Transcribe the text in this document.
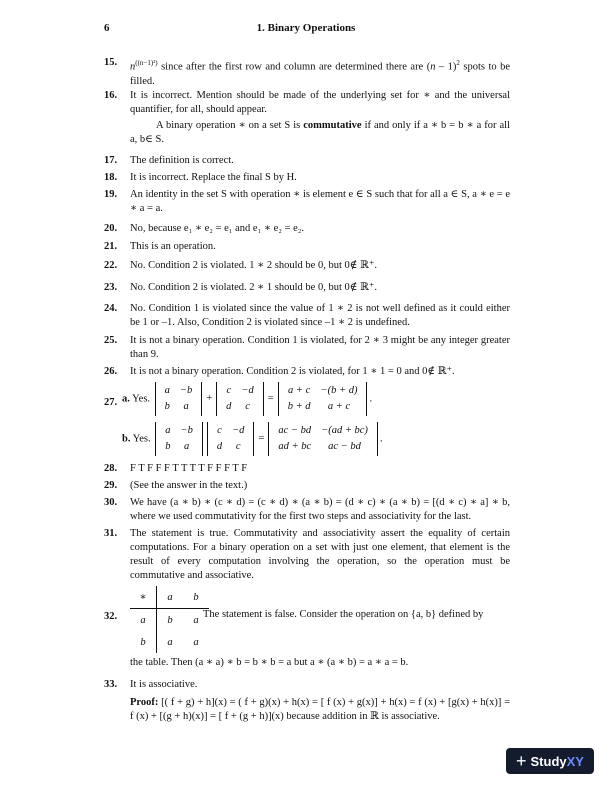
6	1. Binary Operations
15. $n^{((n-1)^2)}$ since after the first row and column are determined there are (n – 1)$^2$ spots to be filled.
16. It is incorrect. Mention should be made of the underlying set for ∗ and the universal quantifier, for all, should appear.
A binary operation ∗ on a set S is commutative if and only if a ∗ b = b ∗ a for all a, b∈ S.
17. The definition is correct.
18. It is incorrect. Replace the final S by H.
19. An identity in the set S with operation ∗ is element e ∈ S such that for all a ∈ S, a ∗ e = e ∗ a = a.
20. No, because e₁ ∗ e₂ = e₁ and e₁ ∗ e₂ = e₂.
21. This is an operation.
22. No. Condition 2 is violated. 1 ∗ 2 should be 0, but 0∉ ℝ⁺.
23. No. Condition 2 is violated. 2 ∗ 1 should be 0, but 0∉ ℝ⁺.
24. No. Condition 1 is violated since the value of 1 ∗ 2 is not well defined as it could either be 1 or –1. Also, Condition 2 is violated since –1 ∗ 2 is undefined.
25. It is not a binary operation. Condition 1 is violated, for 2 ∗ 3 might be any integer greater than 9.
26. It is not a binary operation. Condition 2 is violated, for 1 ∗ 1 = 0 and 0∉ ℝ⁺.
27. a. Yes.
a	−b
b	a
+
c	−d
d	c
=
a + c	−(b + d)
b + d	a + c
.
b. Yes.
a	−b
b	a
c	−d
d	c
=
ac − bd	−(ad + bc)
ad + bc	ac − bd
.
28. F T F F F T T T T F F F T F
29. (See the answer in the text.)
30. We have (a ∗ b) ∗ (c ∗ d) = (c ∗ d) ∗ (a ∗ b) = (d ∗ c) ∗ (a ∗ b) = [(d ∗ c) ∗ a] ∗ b, where we used commutativity for the first two steps and associativity for the last.
31. The statement is true. Commutativity and associativity assert the equality of certain computations. For a binary operation on a set with just one element, that element is the result of every computation involving the operation, so the operation must be commutative and associative.
32.
∗	a	b
a	b	a
b	a	a
The statement is false. Consider the operation on {a, b} defined by
the table. Then (a ∗ a) ∗ b = b ∗ b = a but a ∗ (a ∗ b) = a ∗ a = b.
33. It is associative.
Proof: [( f + g) + h](x) = ( f + g)(x) + h(x) = [ f (x) + g(x)] + h(x) = f (x) + [g(x) + h(x)] = f (x) + [(g + h)(x)] = [ f + (g + h)](x) because addition in ℝ is associative.
+ Study XY
